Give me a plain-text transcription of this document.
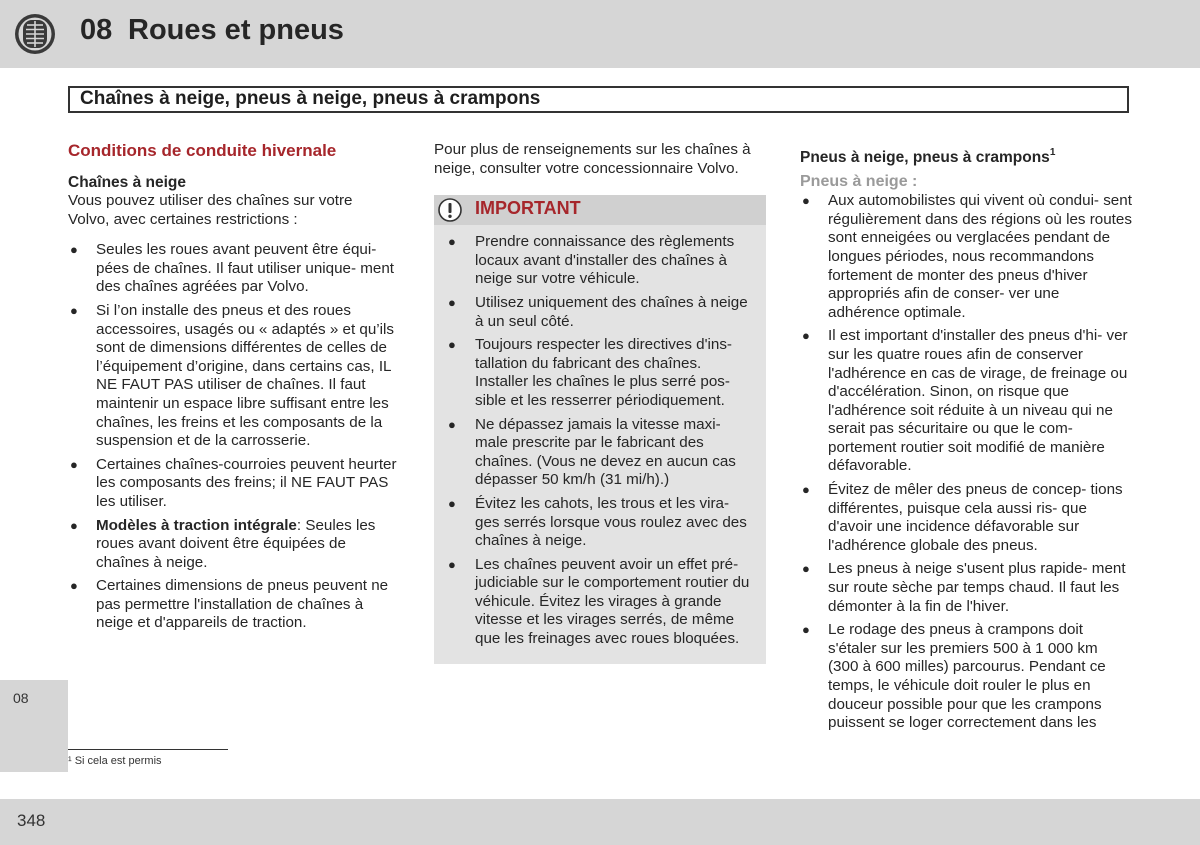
08 Roues et pneus
Chaînes à neige, pneus à neige, pneus à crampons

Conditions de conduite hivernale

Chaînes à neige

Vous pouvez utiliser des chaînes sur votre Volvo, avec certaines restrictions :

● Seules les roues avant peuvent être équi- pées de chaînes. Il faut utiliser unique- ment des chaînes agréées par Volvo.
● Si l’on installe des pneus et des roues accessoires, usagés ou « adaptés » et qu’ils sont de dimensions différentes de celles de l’équipement d’origine, dans certains cas, IL NE FAUT PAS utiliser de chaînes. Il faut maintenir un espace libre suffisant entre les chaînes, les freins et les composants de la suspension et de la carrosserie.
● Certaines chaînes-courroies peuvent heurter les composants des freins; il NE FAUT PAS les utiliser.
● Modèles à traction intégrale: Seules les roues avant doivent être équipées de chaînes à neige.
● Certaines dimensions de pneus peuvent ne pas permettre l'installation de chaînes à neige et d'appareils de traction.

Pour plus de renseignements sur les chaînes à neige, consulter votre concessionnaire Volvo.

IMPORTANT
● Prendre connaissance des règlements locaux avant d'installer des chaînes à neige sur votre véhicule.
● Utilisez uniquement des chaînes à neige à un seul côté.
● Toujours respecter les directives d'ins- tallation du fabricant des chaînes. Installer les chaînes le plus serré pos- sible et les resserrer périodiquement.
● Ne dépassez jamais la vitesse maxi- male prescrite par le fabricant des chaînes. (Vous ne devez en aucun cas dépasser 50 km/h (31 mi/h).)
● Évitez les cahots, les trous et les vira- ges serrés lorsque vous roulez avec des chaînes à neige.
● Les chaînes peuvent avoir un effet pré- judiciable sur le comportement routier du véhicule. Évitez les virages à grande vitesse et les virages serrés, de même que les freinages avec roues bloquées.

Pneus à neige, pneus à crampons$^1$

Pneus à neige :

● Aux automobilistes qui vivent où condui- sent régulièrement dans des régions où les routes sont enneigées ou verglacées pendant de longues périodes, nous recommandons fortement de monter des pneus d'hiver appropriés afin de conser- ver une adhérence optimale.
● Il est important d'installer des pneus d'hi- ver sur les quatre roues afin de conserver l'adhérence en cas de virage, de freinage ou d'accélération. Sinon, on risque que l'adhérence soit réduite à un niveau qui ne serait pas sécuritaire ou que le com- portement routier soit modifié de manière défavorable.
● Évitez de mêler des pneus de concep- tions différentes, puisque cela aussi ris- que d'avoir une incidence défavorable sur l'adhérence globale des pneus.
● Les pneus à neige s'usent plus rapide- ment sur route sèche par temps chaud. Il faut les démonter à la fin de l'hiver.
● Le rodage des pneus à crampons doit s'étaler sur les premiers 500 à 1 000 km (300 à 600 milles) parcourus. Pendant ce temps, le véhicule doit rouler le plus en douceur possible pour que les crampons puissent se loger correctement dans les
08
¹ Si cela est permis
348
